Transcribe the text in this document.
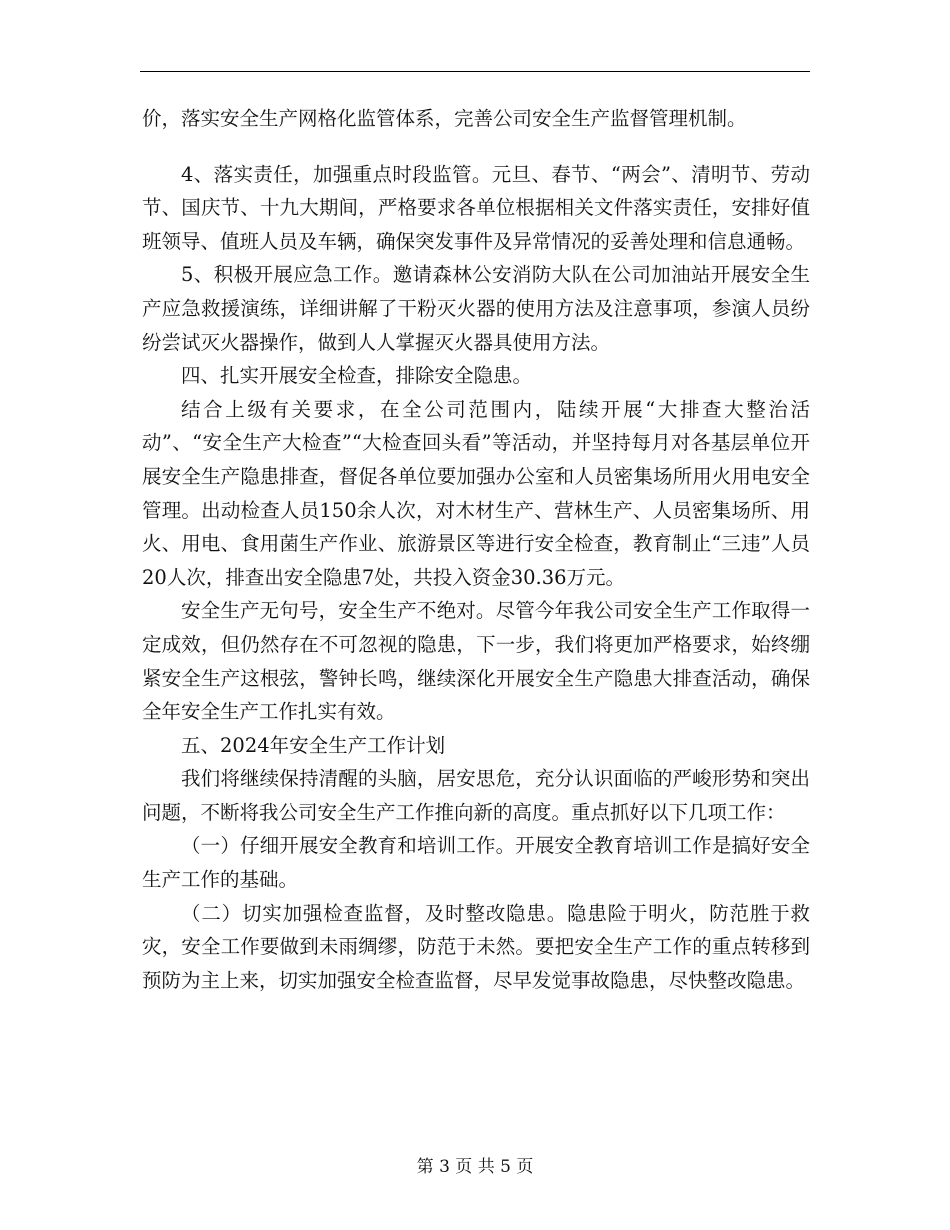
价，落实安全生产网格化监管体系，完善公司安全生产监督管理机制。

4、落实责任，加强重点时段监管。元旦、春节、“两会”、清明节、劳动节、国庆节、十九大期间，严格要求各单位根据相关文件落实责任，安排好值班领导、值班人员及车辆，确保突发事件及异常情况的妥善处理和信息通畅。

5、积极开展应急工作。邀请森林公安消防大队在公司加油站开展安全生产应急救援演练，详细讲解了干粉灭火器的使用方法及注意事项，参演人员纷纷尝试灭火器操作，做到人人掌握灭火器具使用方法。

四、扎实开展安全检查，排除安全隐患。

结合上级有关要求，在全公司范围内，陆续开展“大排查大整治活动”、“安全生产大检查”“大检查回头看”等活动，并坚持每月对各基层单位开展安全生产隐患排查，督促各单位要加强办公室和人员密集场所用火用电安全管理。出动检查人员150余人次，对木材生产、营林生产、人员密集场所、用火、用电、食用菌生产作业、旅游景区等进行安全检查，教育制止“三违”人员20人次，排查出安全隐患7处，共投入资金30.36万元。

安全生产无句号，安全生产不绝对。尽管今年我公司安全生产工作取得一定成效，但仍然存在不可忽视的隐患，下一步，我们将更加严格要求，始终绷紧安全生产这根弦，警钟长鸣，继续深化开展安全生产隐患大排查活动，确保全年安全生产工作扎实有效。

五、2024年安全生产工作计划

我们将继续保持清醒的头脑，居安思危，充分认识面临的严峻形势和突出问题，不断将我公司安全生产工作推向新的高度。重点抓好以下几项工作：

（一）仔细开展安全教育和培训工作。开展安全教育培训工作是搞好安全生产工作的基础。

（二）切实加强检查监督，及时整改隐患。隐患险于明火，防范胜于救灾，安全工作要做到未雨绸缪，防范于未然。要把安全生产工作的重点转移到预防为主上来，切实加强安全检查监督，尽早发觉事故隐患，尽快整改隐患。

第 3 页 共 5 页
